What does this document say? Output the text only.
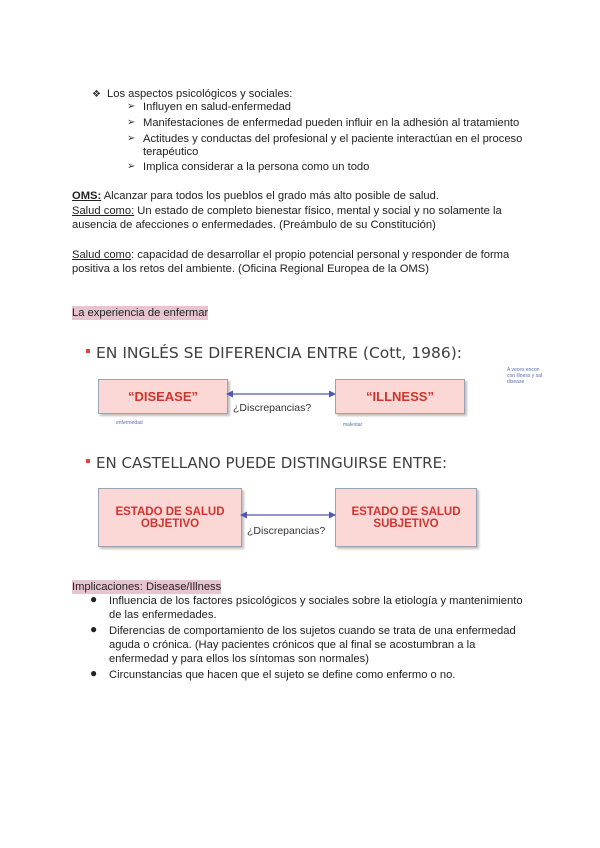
❖ Los aspectos psicológicos y sociales:
➢ Influyen en salud-enfermedad
➢ Manifestaciones de enfermedad pueden influir en la adhesión al tratamiento
➢ Actitudes y conductas del profesional y el paciente interactúan en el proceso
terapéutico
➢ Implica considerar a la persona como un todo
OMS: Alcanzar para todos los pueblos el grado más alto posible de salud.
Salud como: Un estado de completo bienestar físico, mental y social y no solamente la
ausencia de afecciones o enfermedades. (Preámbulo de su Constitución)
Salud como: capacidad de desarrollar el propio potencial personal y responder de forma
positiva a los retos del ambiente. (Oficina Regional Europea de la OMS)
La experiencia de enfermar
EN INGLÉS SE DIFERENCIA ENTRE (Cott, 1986):
“DISEASE”	“ILLNESS”
¿Discrepancias?
enfermedad	malestar
A veces encon
con illness y sal
disease
EN CASTELLANO PUEDE DISTINGUIRSE ENTRE:
ESTADO DE SALUD
OBJETIVO
ESTADO DE SALUD
SUBJETIVO
¿Discrepancias?
Implicaciones: Disease/Illness
● Influencia de los factores psicológicos y sociales sobre la etiología y mantenimiento
de las enfermedades.
● Diferencias de comportamiento de los sujetos cuando se trata de una enfermedad
aguda o crónica. (Hay pacientes crónicos que al final se acostumbran a la
enfermedad y para ellos los síntomas son normales)
● Circunstancias que hacen que el sujeto se define como enfermo o no.
